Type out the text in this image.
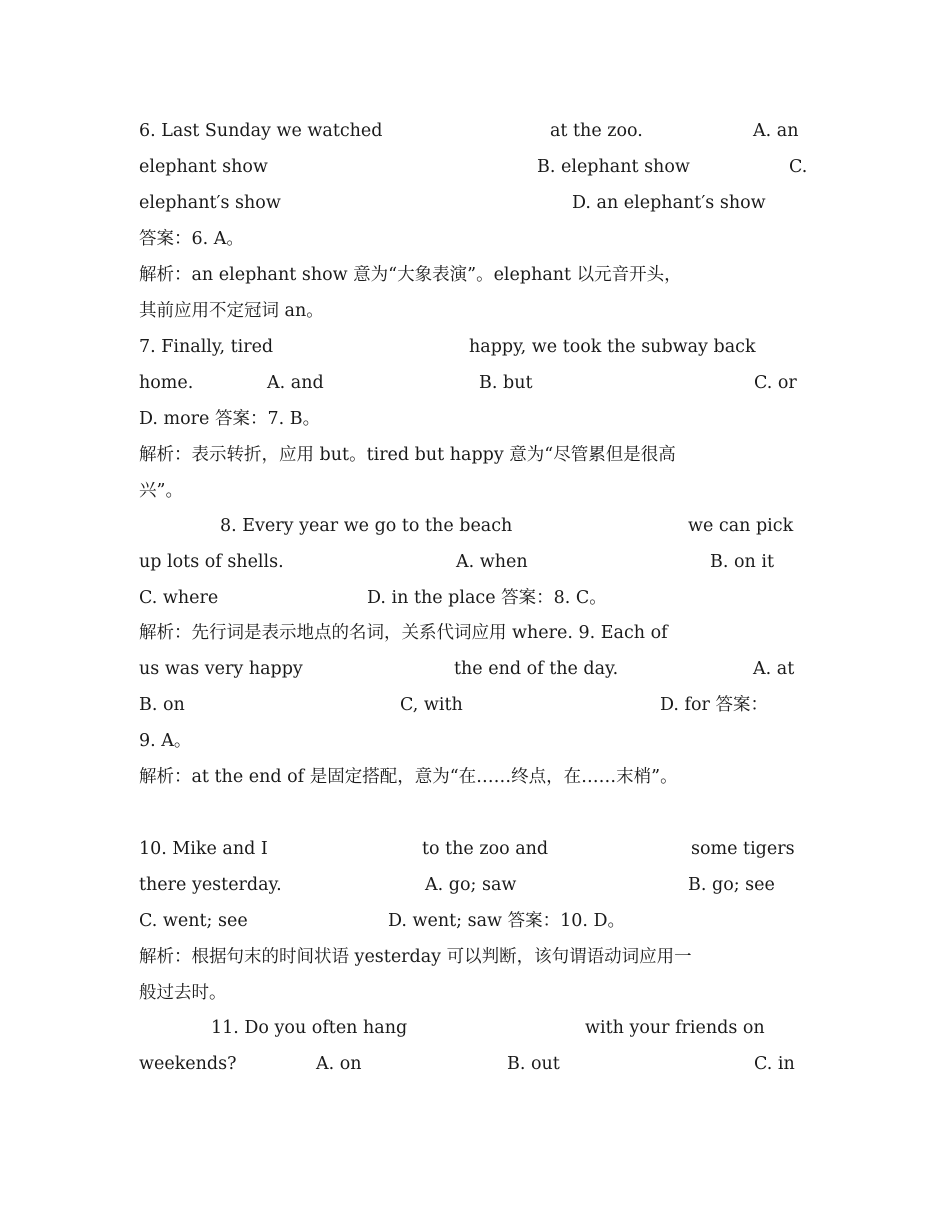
6. Last Sunday we watched	at the zoo.	A. an
elephant show	B. elephant show	C.
elephant′s show	D. an elephant′s show
答案：6. A。
解析：an elephant show 意为“大象表演”。elephant 以元音开头，
其前应用不定冠词 an。
7. Finally, tired	happy, we took the subway back
home.	A. and	B. but	C. or
D. more 答案：7. B。
解析：表示转折，应用 but。tired but happy 意为“尽管累但是很高
兴”。
8. Every year we go to the beach	we can pick
up lots of shells.	A. when	B. on it
C. where	D. in the place 答案：8. C。
解析：先行词是表示地点的名词，关系代词应用 where. 9. Each of
us was very happy	the end of the day.	A. at
B. on	C, with	D. for 答案：
9. A。
解析：at the end of 是固定搭配，意为“在……终点，在……末梢”。
10. Mike and I	to the zoo and	some tigers
there yesterday.	A. go; saw	B. go; see
C. went; see	D. went; saw 答案：10. D。
解析：根据句末的时间状语 yesterday 可以判断，该句谓语动词应用一
般过去时。
11. Do you often hang	with your friends on
weekends?	A. on	B. out	C. in
